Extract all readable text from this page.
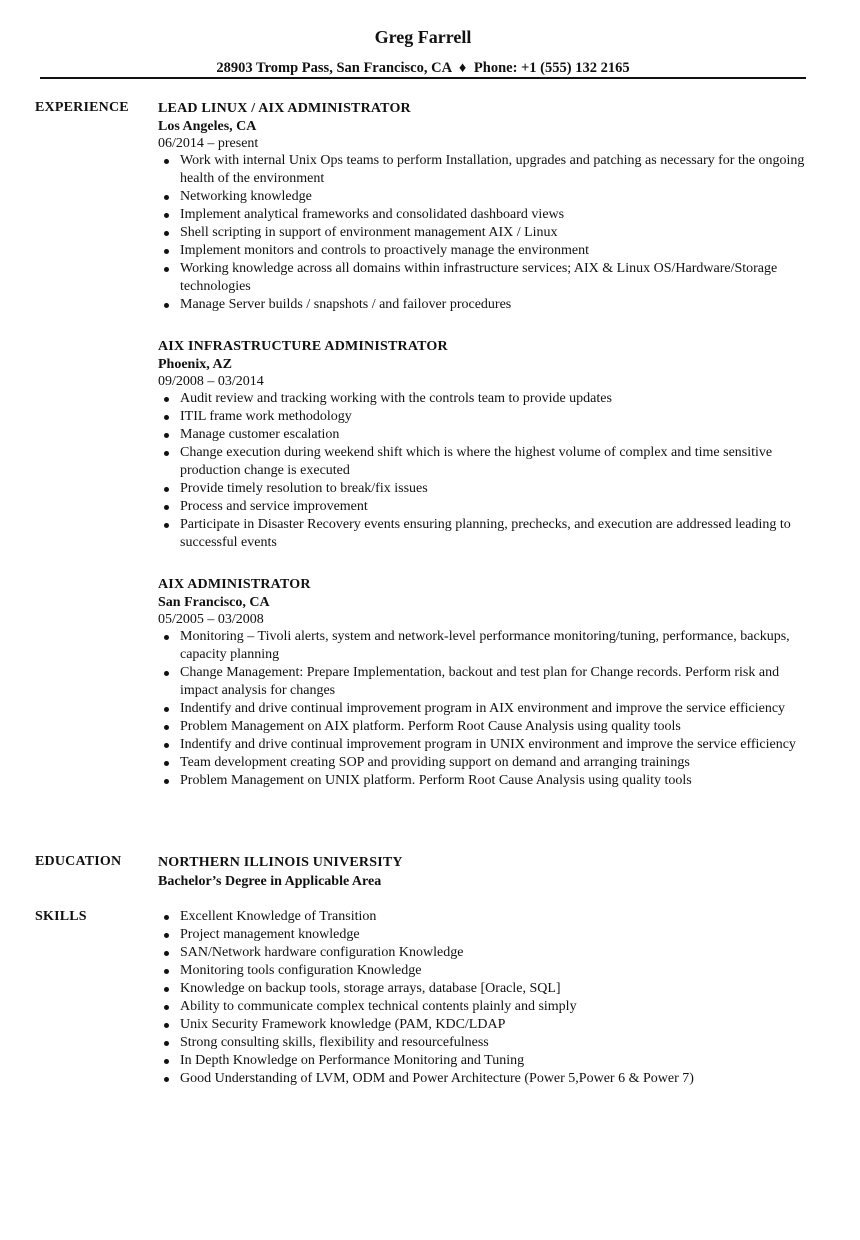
Greg Farrell
28903 Tromp Pass, San Francisco, CA ♦ Phone: +1 (555) 132 2165
EXPERIENCE	LEAD LINUX / AIX ADMINISTRATOR
Los Angeles, CA
06/2014 – present
Work with internal Unix Ops teams to perform Installation, upgrades and patching as necessary for the ongoing health of the environment
Networking knowledge
Implement analytical frameworks and consolidated dashboard views
Shell scripting in support of environment management AIX / Linux
Implement monitors and controls to proactively manage the environment
Working knowledge across all domains within infrastructure services; AIX & Linux OS/Hardware/Storage technologies
Manage Server builds / snapshots / and failover procedures
AIX INFRASTRUCTURE ADMINISTRATOR
Phoenix, AZ
09/2008 – 03/2014
Audit review and tracking working with the controls team to provide updates
ITIL frame work methodology
Manage customer escalation
Change execution during weekend shift which is where the highest volume of complex and time sensitive production change is executed
Provide timely resolution to break/fix issues
Process and service improvement
Participate in Disaster Recovery events ensuring planning, prechecks, and execution are addressed leading to successful events
AIX ADMINISTRATOR
San Francisco, CA
05/2005 – 03/2008
Monitoring – Tivoli alerts, system and network-level performance monitoring/tuning, performance, backups, capacity planning
Change Management: Prepare Implementation, backout and test plan for Change records. Perform risk and impact analysis for changes
Indentify and drive continual improvement program in AIX environment and improve the service efficiency
Problem Management on AIX platform. Perform Root Cause Analysis using quality tools
Indentify and drive continual improvement program in UNIX environment and improve the service efficiency
Team development creating SOP and providing support on demand and arranging trainings
Problem Management on UNIX platform. Perform Root Cause Analysis using quality tools
EDUCATION	NORTHERN ILLINOIS UNIVERSITY
Bachelor’s Degree in Applicable Area
SKILLS	Excellent Knowledge of Transition
Project management knowledge
SAN/Network hardware configuration Knowledge
Monitoring tools configuration Knowledge
Knowledge on backup tools, storage arrays, database [Oracle, SQL]
Ability to communicate complex technical contents plainly and simply
Unix Security Framework knowledge (PAM, KDC/LDAP
Strong consulting skills, flexibility and resourcefulness
In Depth Knowledge on Performance Monitoring and Tuning
Good Understanding of LVM, ODM and Power Architecture (Power 5,Power 6 & Power 7)
